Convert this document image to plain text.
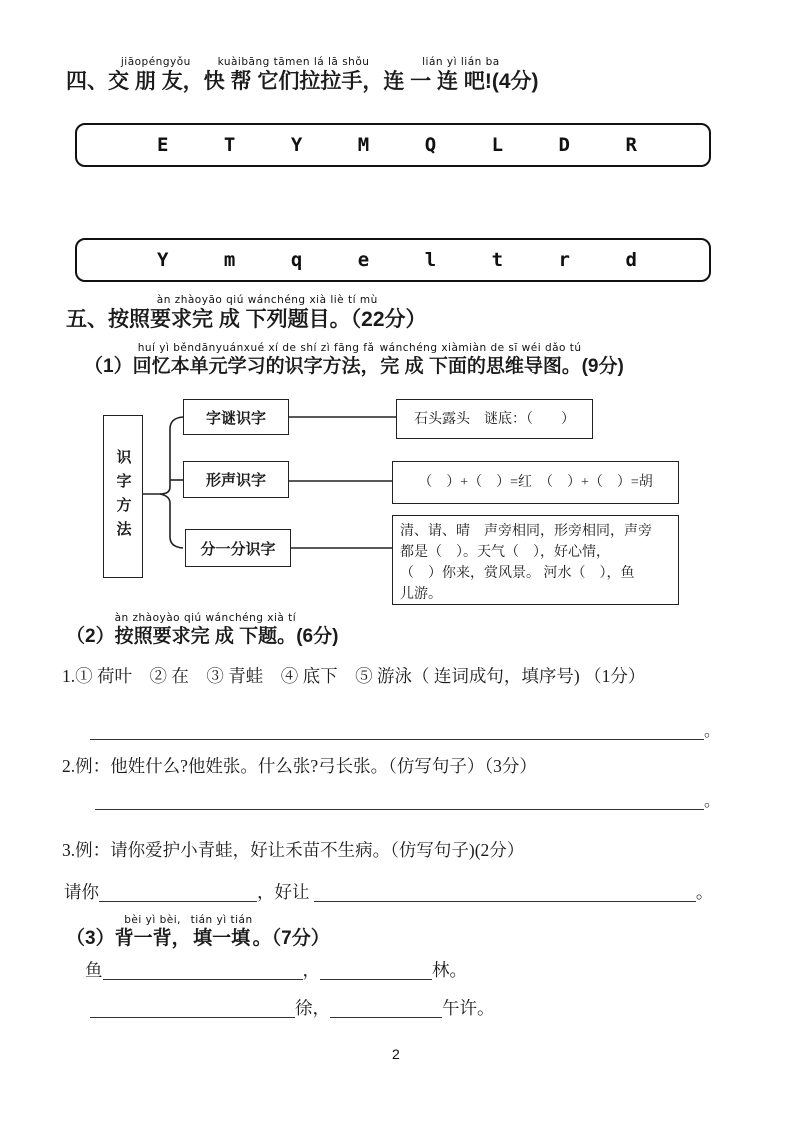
四、
jiāopéngyǒu
交 朋 友，
kuàibāng tāmen lá lā shǒu
快 帮 它们拉拉手，
lián yì lián ba
连 一 连 吧!(4分)
E	T	Y	M	Q	L	D	R
Y	m	q	e	l	t	r	d
五、
àn zhàoyāo qiú wánchéng xià liè tí mù
按照要求完 成 下列题目。（22分）
（1）
huí yì běndānyuánxué xí de shí zì fāng fǎ
回忆本单元学习的识字方法，
wánchéng xiàmiàn de sī wéi dǎo tú
完 成 下面的思维导图。 (9分)
识字方法
字谜识字
形声识字
分一分识字
石头露头　谜底：（　　）
（　）+（　）=红　（　）+（　）=胡
清、请、晴　声旁相同，形旁相同，声旁
都是（　）。天气（　），好心情，
（　）你来，赏风景。 河水（　），鱼
儿游。
（2）
àn zhàoyào qiú wánchéng xià tí
按照要求完 成 下题。 (6分)
1.① 荷叶　② 在　③ 青蛙　④ 底下　⑤ 游泳（ 连词成句，填序号) （1分）
。
2.例：他姓什么?他姓张。什么张?弓长张。（仿写句子）（3分）
。
3.例：请你爱护小青蛙，好让禾苗不生病。（仿写句子)(2分）
请你	，好让	。
（3）
bèi yì bèi,
背一背，
tián yì tián
填一填 。（7分）
鱼	，	林。
徐，	午许。
2
